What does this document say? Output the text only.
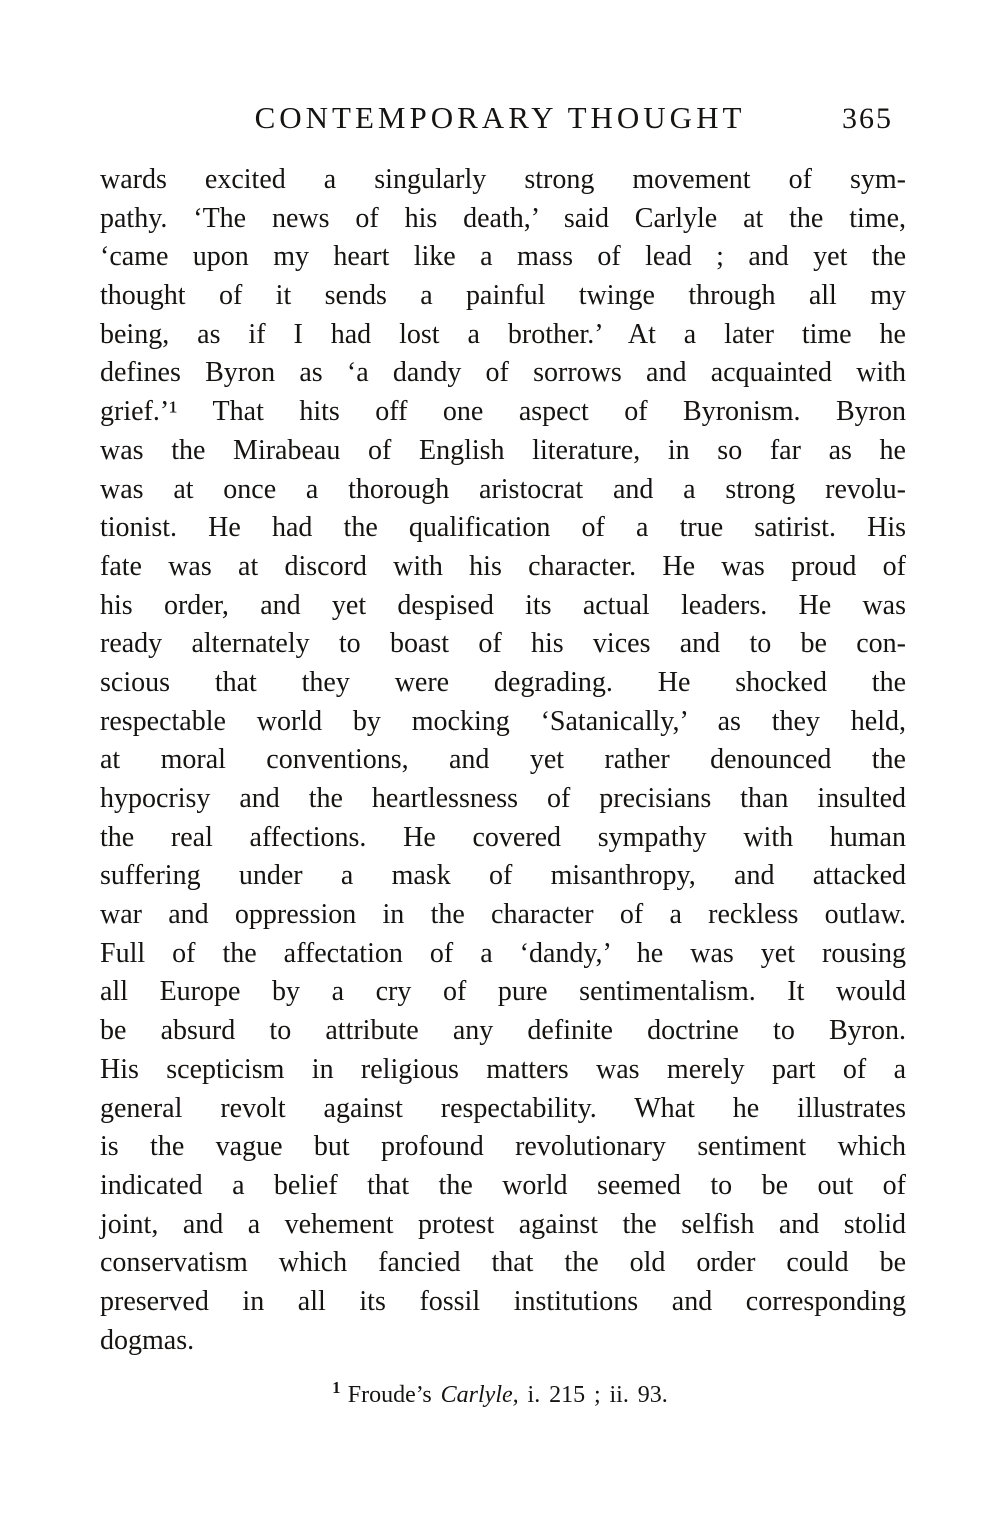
CONTEMPORARY THOUGHT	365
wards excited a singularly strong movement of sym-
pathy. ‘The news of his death,’ said Carlyle at the time,
‘came upon my heart like a mass of lead ; and yet the
thought of it sends a painful twinge through all my
being, as if I had lost a brother.’ At a later time he
defines Byron as ‘a dandy of sorrows and acquainted with
grief.’¹ That hits off one aspect of Byronism. Byron
was the Mirabeau of English literature, in so far as he
was at once a thorough aristocrat and a strong revolu-
tionist. He had the qualification of a true satirist. His
fate was at discord with his character. He was proud of
his order, and yet despised its actual leaders. He was
ready alternately to boast of his vices and to be con-
scious that they were degrading. He shocked the
respectable world by mocking ‘Satanically,’ as they held,
at moral conventions, and yet rather denounced the
hypocrisy and the heartlessness of precisians than insulted
the real affections. He covered sympathy with human
suffering under a mask of misanthropy, and attacked
war and oppression in the character of a reckless outlaw.
Full of the affectation of a ‘dandy,’ he was yet rousing
all Europe by a cry of pure sentimentalism. It would
be absurd to attribute any definite doctrine to Byron.
His scepticism in religious matters was merely part of a
general revolt against respectability. What he illustrates
is the vague but profound revolutionary sentiment which
indicated a belief that the world seemed to be out of
joint, and a vehement protest against the selfish and stolid
conservatism which fancied that the old order could be
preserved in all its fossil institutions and corresponding
dogmas.
$^1$ Froude’s Carlyle, i. 215 ; ii. 93.
